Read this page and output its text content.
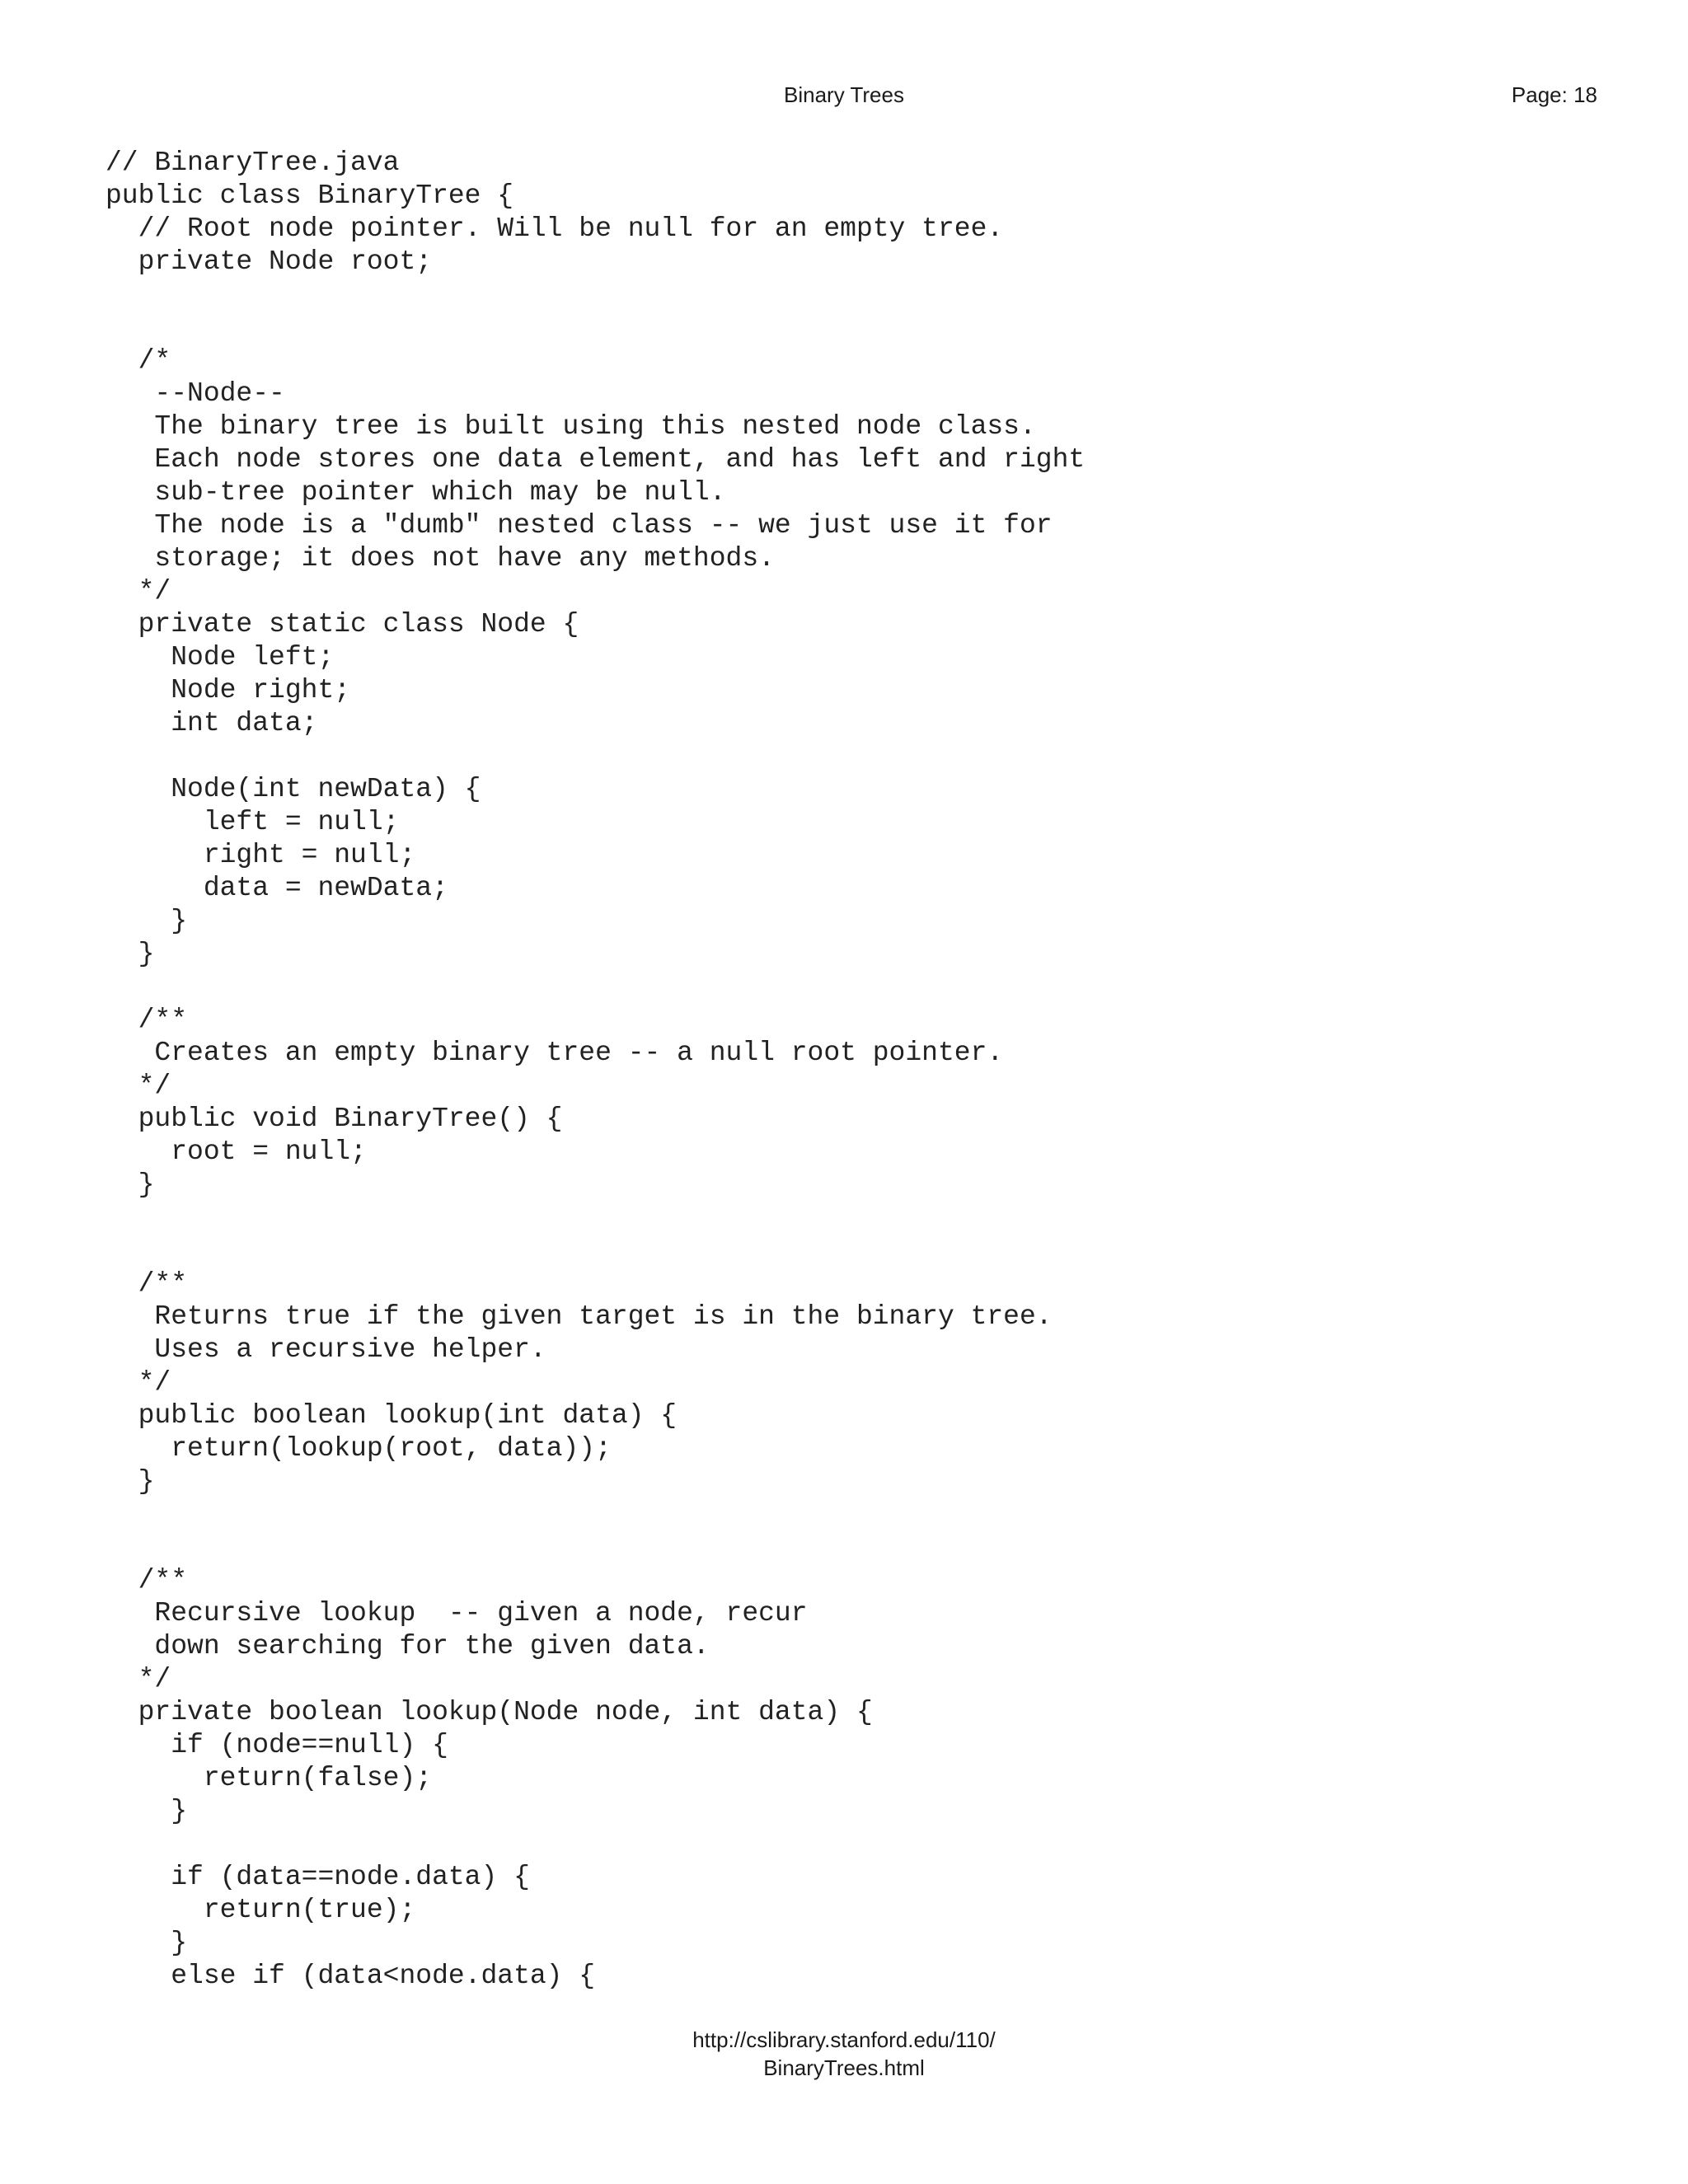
Binary Trees	Page: 18
// BinaryTree.java
public class BinaryTree {
// Root node pointer. Will be null for an empty tree.
private Node root;
/*
--Node--
The binary tree is built using this nested node class.
Each node stores one data element, and has left and right
sub-tree pointer which may be null.
The node is a "dumb" nested class -- we just use it for
storage; it does not have any methods.
*/
private static class Node {
Node left;
Node right;
int data;
Node(int newData) {
left = null;
right = null;
data = newData;
}
}
/**
Creates an empty binary tree -- a null root pointer.
*/
public void BinaryTree() {
root = null;
}
/**
Returns true if the given target is in the binary tree.
Uses a recursive helper.
*/
public boolean lookup(int data) {
return(lookup(root, data));
}
/**
Recursive lookup  -- given a node, recur
down searching for the given data.
*/
private boolean lookup(Node node, int data) {
if (node==null) {
return(false);
}
if (data==node.data) {
return(true);
}
else if (data<node.data) {
http://cslibrary.stanford.edu/110/
BinaryTrees.html
